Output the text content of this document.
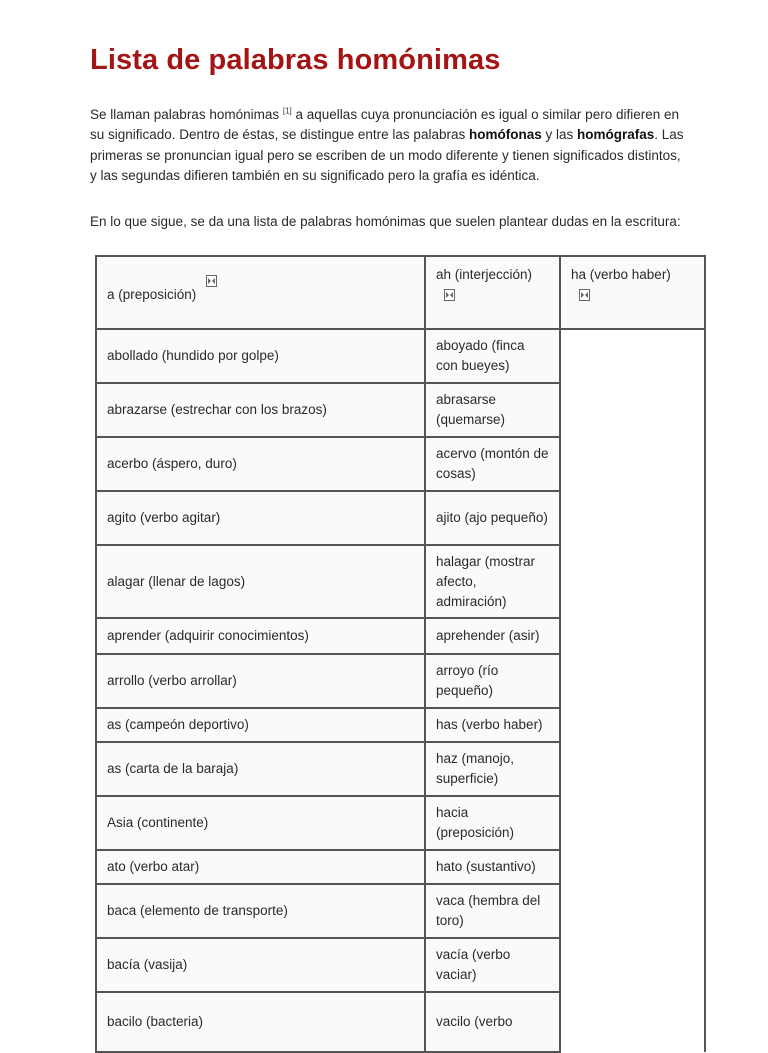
Lista de palabras homónimas

Se llaman palabras homónimas [1] a aquellas cuya pronunciación es igual o similar pero difieren en su significado. Dentro de éstas, se distingue entre las palabras homófonas y las homógrafas. Las primeras se pronuncian igual pero se escriben de un modo diferente y tienen significados distintos, y las segundas difieren también en su significado pero la grafía es idéntica.

En lo que sigue, se da una lista de palabras homónimas que suelen plantear dudas en la escritura:

a (preposición)	ah (interjección)	ha (verbo haber)

abollado (hundido por golpe)	aboyado (finca con bueyes)	
abrazarse (estrechar con los brazos)	abrasarse (quemarse)	
acerbo (áspero, duro)	acervo (montón de cosas)	
agito (verbo agitar)	ajito (ajo pequeño)	
alagar (llenar de lagos)	halagar (mostrar afecto, admiración)	
aprender (adquirir conocimientos)	aprehender (asir)	
arrollo (verbo arrollar)	arroyo (río pequeño)	
as (campeón deportivo)	has (verbo haber)	
as (carta de la baraja)	haz (manojo, superficie)	
Asia (continente)	hacia (preposición)	
ato (verbo atar)	hato (sustantivo)	
baca (elemento de transporte)	vaca (hembra del toro)	
bacía (vasija)	vacía (verbo vaciar)	
bacilo (bacteria)	vacilo (verbo	
